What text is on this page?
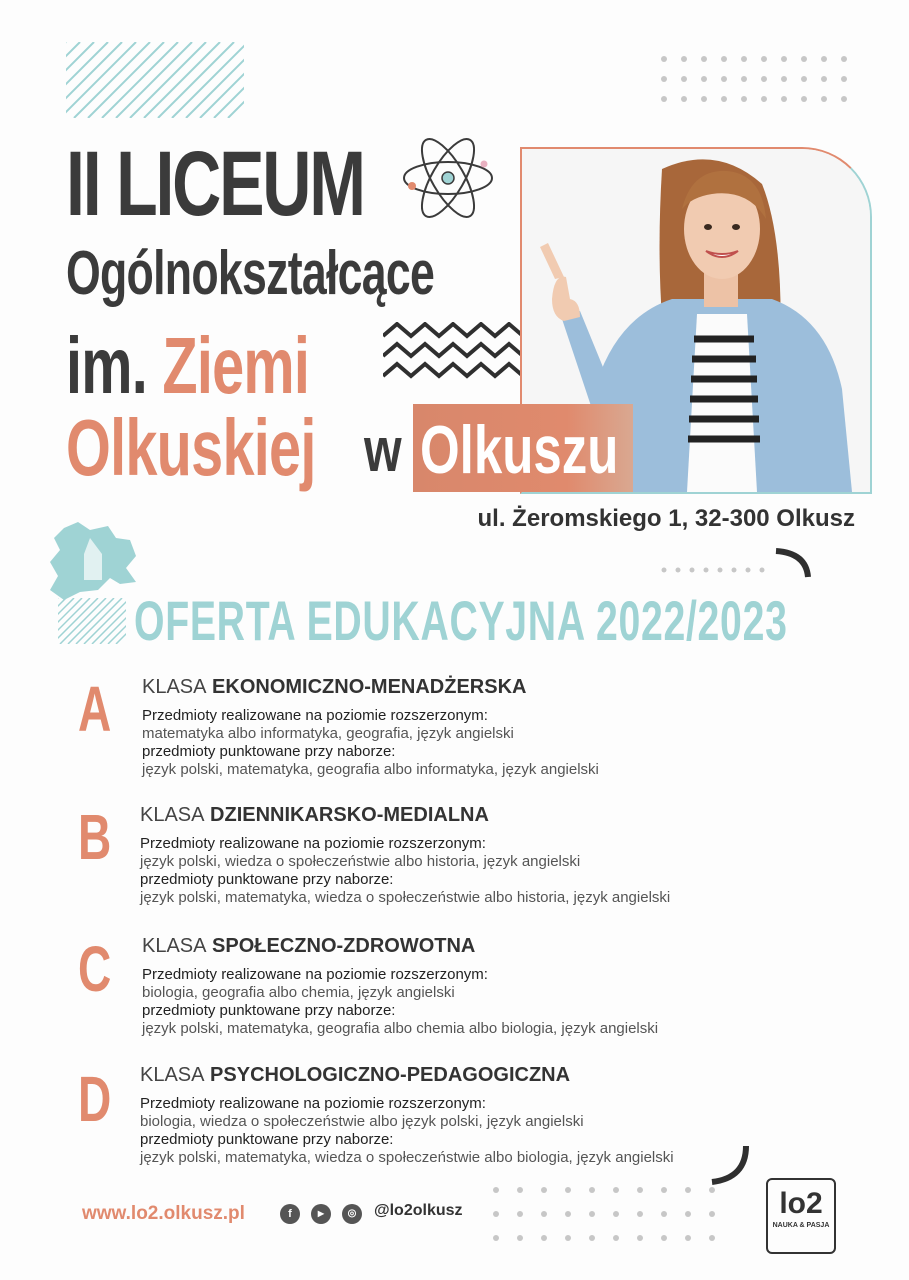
II LICEUM
Ogólnokształcące
im. Ziemi
Olkuskiej w Olkuszu
ul. Żeromskiego 1, 32-300 Olkusz
OFERTA EDUKACYJNA 2022/2023
A KLASA EKONOMICZNO-MENADŻERSKA
Przedmioty realizowane na poziomie rozszerzonym:
matematyka albo informatyka, geografia, język angielski
przedmioty punktowane przy naborze:
język polski, matematyka, geografia albo informatyka, język angielski
B KLASA DZIENNIKARSKO-MEDIALNA
Przedmioty realizowane na poziomie rozszerzonym:
język polski, wiedza o społeczeństwie albo historia, język angielski
przedmioty punktowane przy naborze:
język polski, matematyka, wiedza o społeczeństwie albo historia, język angielski
C KLASA SPOŁECZNO-ZDROWOTNA
Przedmioty realizowane na poziomie rozszerzonym:
biologia, geografia albo chemia, język angielski
przedmioty punktowane przy naborze:
język polski, matematyka, geografia albo chemia albo biologia, język angielski
D KLASA PSYCHOLOGICZNO-PEDAGOGICZNA
Przedmioty realizowane na poziomie rozszerzonym:
biologia, wiedza o społeczeństwie albo język polski, język angielski
przedmioty punktowane przy naborze:
język polski, matematyka, wiedza o społeczeństwie albo biologia, język angielski
www.lo2.olkusz.pl	f	▶	◎	@lo2olkusz	lo2
NAUKA & PASJA
